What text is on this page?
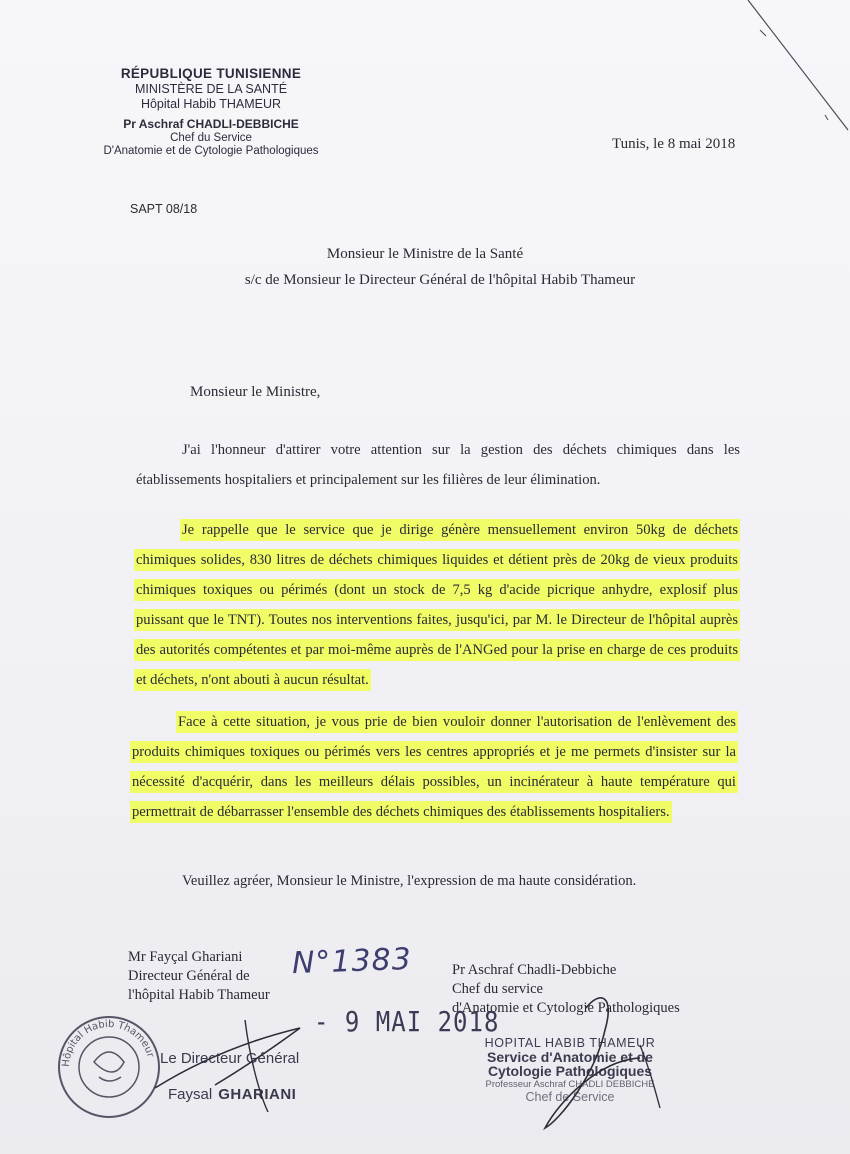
RÉPUBLIQUE TUNISIENNE
MINISTÈRE DE LA SANTÉ
Hôpital Habib THAMEUR
Pr Aschraf CHADLI-DEBBICHE
Chef du Service
D'Anatomie et de Cytologie Pathologiques	Tunis, le 8 mai 2018
SAPT 08/18
Monsieur le Ministre de la Santé
s/c de Monsieur le Directeur Général de l'hôpital Habib Thameur
Monsieur le Ministre,
J'ai l'honneur d'attirer votre attention sur la gestion des déchets chimiques dans les établissements hospitaliers et principalement sur les filières de leur élimination.
Je rappelle que le service que je dirige génère mensuellement environ 50kg de déchets chimiques solides, 830 litres de déchets chimiques liquides et détient près de 20kg de vieux produits chimiques toxiques ou périmés (dont un stock de 7,5 kg d'acide picrique anhydre, explosif plus puissant que le TNT). Toutes nos interventions faites, jusqu'ici, par M. le Directeur de l'hôpital auprès des autorités compétentes et par moi-même auprès de l'ANGed pour la prise en charge de ces produits et déchets, n'ont abouti à aucun résultat.
Face à cette situation, je vous prie de bien vouloir donner l'autorisation de l'enlèvement des produits chimiques toxiques ou périmés vers les centres appropriés et je me permets d'insister sur la nécessité d'acquérir, dans les meilleurs délais possibles, un incinérateur à haute température qui permettrait de débarrasser l'ensemble des déchets chimiques des établissements hospitaliers.
Veuillez agréer, Monsieur le Ministre, l'expression de ma haute considération.
Mr Fayçal Ghariani
Directeur Général de
l'hôpital Habib Thameur
Pr Aschraf Chadli-Debbiche
Chef du service
d'Anatomie et Cytologie Pathologiques
N°1383
- 9 MAI 2018
Hôpital Habib Thameur Le Directeur Général
Faysal GHARIANI
HOPITAL HABIB THAMEUR
Service d'Anatomie et de
Cytologie Pathologiques
Professeur Aschraf CHADLI DEBBICHE
Chef de Service
